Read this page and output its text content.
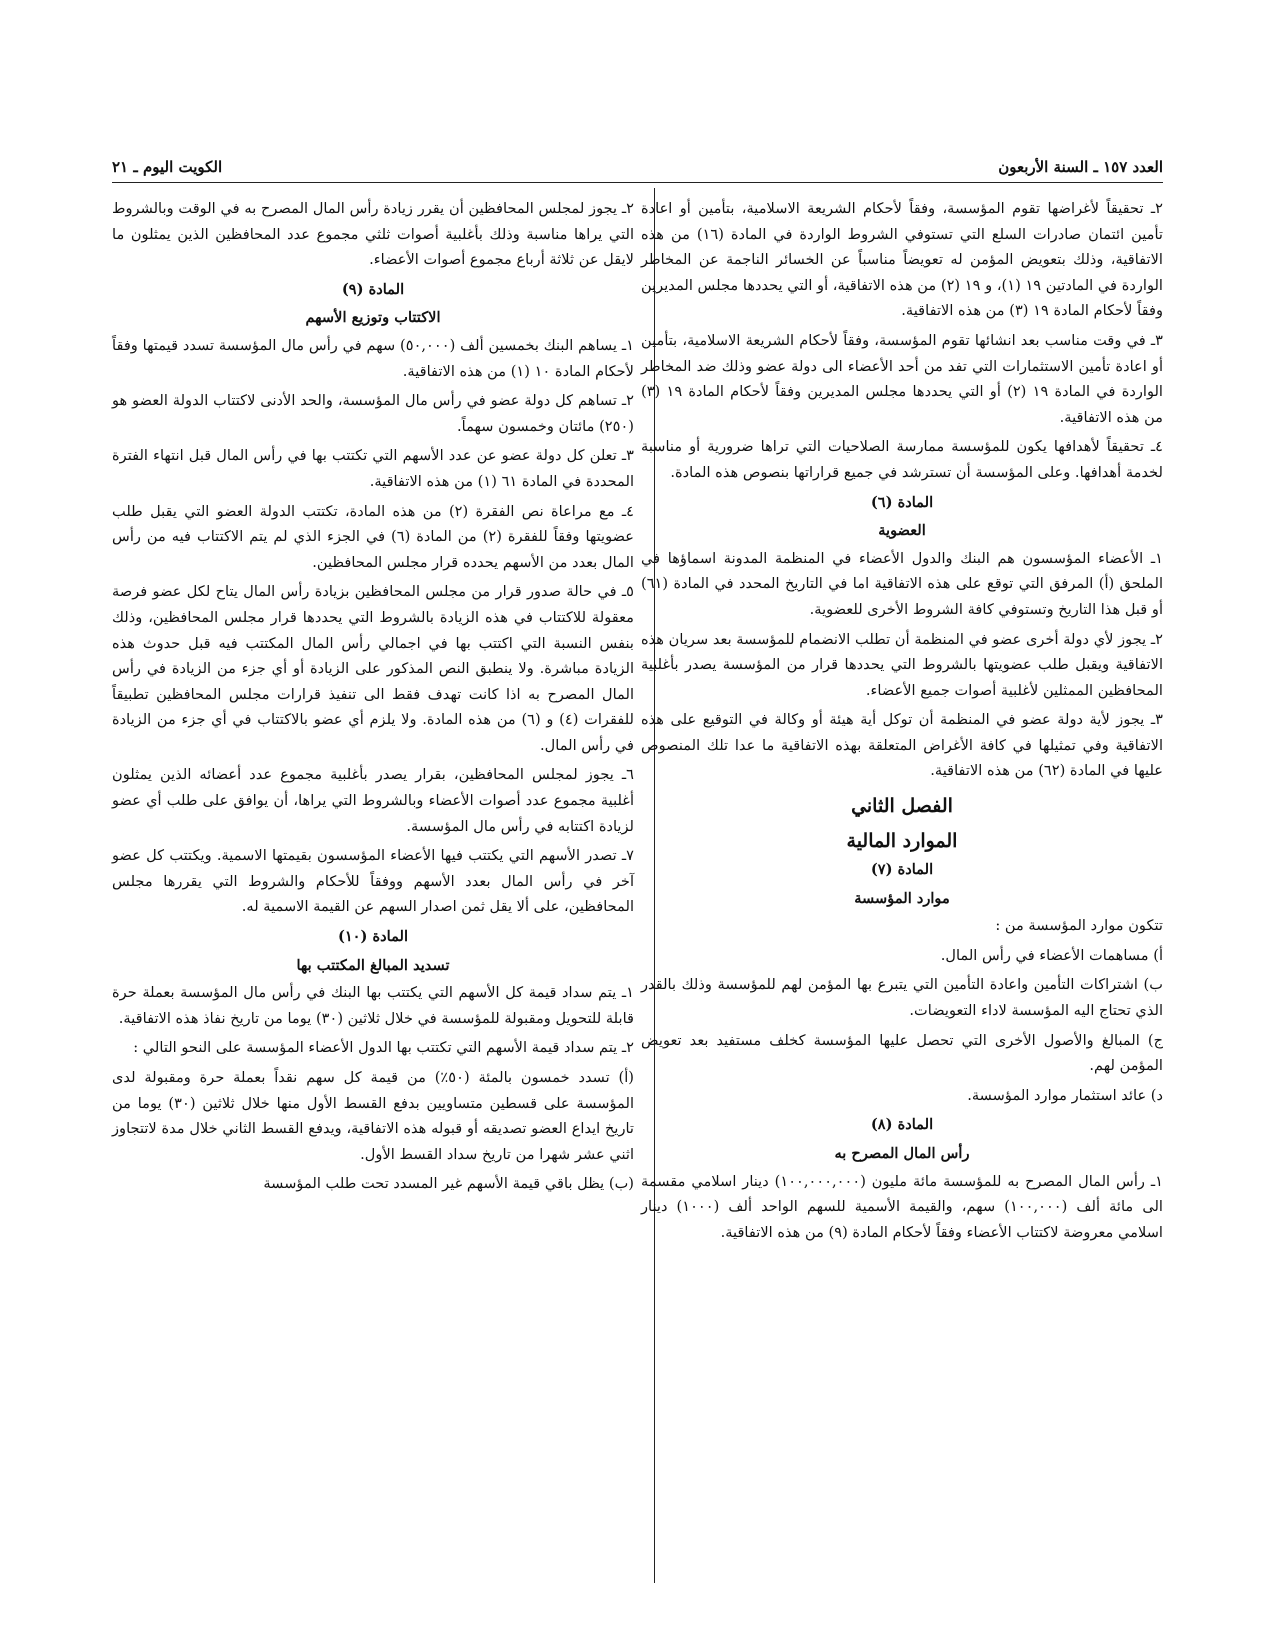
العدد ١٥٧ ـ السنة الأربعون
الكويت اليوم ـ ٢١

٢ـ تحقيقاً لأغراضها تقوم المؤسسة، وفقاً لأحكام الشريعة الاسلامية، بتأمين أو اعادة تأمين ائتمان صادرات السلع التي تستوفي الشروط الواردة في المادة (١٦) من هذه الاتفاقية، وذلك بتعويض المؤمن له تعويضاً مناسباً عن الخسائر الناجمة عن المخاطر الواردة في المادتين ١٩ (١)، و ١٩ (٢) من هذه الاتفاقية، أو التي يحددها مجلس المديرين وفقاً لأحكام المادة ١٩ (٣) من هذه الاتفاقية.

٣ـ في وقت مناسب بعد انشائها تقوم المؤسسة، وفقاً لأحكام الشريعة الاسلامية، بتأمين أو اعادة تأمين الاستثمارات التي تفد من أحد الأعضاء الى دولة عضو وذلك ضد المخاطر الواردة في المادة ١٩ (٢) أو التي يحددها مجلس المديرين وفقاً لأحكام المادة ١٩ (٣) من هذه الاتفاقية.

٤ـ تحقيقاً لأهدافها يكون للمؤسسة ممارسة الصلاحيات التي تراها ضرورية أو مناسبة لخدمة أهدافها. وعلى المؤسسة أن تسترشد في جميع قراراتها بنصوص هذه المادة.

المادة (٦)
العضوية

١ـ الأعضاء المؤسسون هم البنك والدول الأعضاء في المنظمة المدونة اسماؤها في الملحق (أ) المرفق التي توقع على هذه الاتفاقية اما في التاريخ المحدد في المادة (٦١) أو قبل هذا التاريخ وتستوفي كافة الشروط الأخرى للعضوية.

٢ـ يجوز لأي دولة أخرى عضو في المنظمة أن تطلب الانضمام للمؤسسة بعد سريان هذه الاتفاقية ويقبل طلب عضويتها بالشروط التي يحددها قرار من المؤسسة يصدر بأغلبية المحافظين الممثلين لأغلبية أصوات جميع الأعضاء.

٣ـ يجوز لأية دولة عضو في المنظمة أن توكل أية هيئة أو وكالة في التوقيع على هذه الاتفاقية وفي تمثيلها في كافة الأغراض المتعلقة بهذه الاتفاقية ما عدا تلك المنصوص عليها في المادة (٦٢) من هذه الاتفاقية.

الفصل الثاني
الموارد المالية
المادة (٧)
موارد المؤسسة

تتكون موارد المؤسسة من :

أ) مساهمات الأعضاء في رأس المال.

ب) اشتراكات التأمين واعادة التأمين التي يتبرع بها المؤمن لهم للمؤسسة وذلك بالقدر الذي تحتاج اليه المؤسسة لاداء التعويضات.

ج) المبالغ والأصول الأخرى التي تحصل عليها المؤسسة كخلف مستفيد بعد تعويض المؤمن لهم.

د) عائد استثمار موارد المؤسسة.

المادة (٨)
رأس المال المصرح به

١ـ رأس المال المصرح به للمؤسسة مائة مليون (١٠٠,٠٠٠,٠٠٠) دينار اسلامي مقسمة الى مائة ألف (١٠٠,٠٠٠) سهم، والقيمة الأسمية للسهم الواحد ألف (١٠٠٠) دينار اسلامي معروضة لاكتتاب الأعضاء وفقاً لأحكام المادة (٩) من هذه الاتفاقية.

٢ـ يجوز لمجلس المحافظين أن يقرر زيادة رأس المال المصرح به في الوقت وبالشروط التي يراها مناسبة وذلك بأغلبية أصوات ثلثي مجموع عدد المحافظين الذين يمثلون ما لايقل عن ثلاثة أرباع مجموع أصوات الأعضاء.

المادة (٩)
الاكتتاب وتوزيع الأسهم

١ـ يساهم البنك بخمسين ألف (٥٠,٠٠٠) سهم في رأس مال المؤسسة تسدد قيمتها وفقاً لأحكام المادة ١٠ (١) من هذه الاتفاقية.

٢ـ تساهم كل دولة عضو في رأس مال المؤسسة، والحد الأدنى لاكتتاب الدولة العضو هو (٢٥٠) مائتان وخمسون سهماً.

٣ـ تعلن كل دولة عضو عن عدد الأسهم التي تكتتب بها في رأس المال قبل انتهاء الفترة المحددة في المادة ٦١ (١) من هذه الاتفاقية.

٤ـ مع مراعاة نص الفقرة (٢) من هذه المادة، تكتتب الدولة العضو التي يقبل طلب عضويتها وفقاً للفقرة (٢) من المادة (٦) في الجزء الذي لم يتم الاكتتاب فيه من رأس المال بعدد من الأسهم يحدده قرار مجلس المحافظين.

٥ـ في حالة صدور قرار من مجلس المحافظين بزيادة رأس المال يتاح لكل عضو فرصة معقولة للاكتتاب في هذه الزيادة بالشروط التي يحددها قرار مجلس المحافظين، وذلك بنفس النسبة التي اكتتب بها في اجمالي رأس المال المكتتب فيه قبل حدوث هذه الزيادة مباشرة. ولا ينطبق النص المذكور على الزيادة أو أي جزء من الزيادة في رأس المال المصرح به اذا كانت تهدف فقط الى تنفيذ قرارات مجلس المحافظين تطبيقاً للفقرات (٤) و (٦) من هذه المادة. ولا يلزم أي عضو بالاكتتاب في أي جزء من الزيادة في رأس المال.

٦ـ يجوز لمجلس المحافظين، بقرار يصدر بأغلبية مجموع عدد أعضائه الذين يمثلون أغلبية مجموع عدد أصوات الأعضاء وبالشروط التي يراها، أن يوافق على طلب أي عضو لزيادة اكتتابه في رأس مال المؤسسة.

٧ـ تصدر الأسهم التي يكتتب فيها الأعضاء المؤسسون بقيمتها الاسمية. ويكتتب كل عضو آخر في رأس المال بعدد الأسهم ووفقاً للأحكام والشروط التي يقررها مجلس المحافظين، على ألا يقل ثمن اصدار السهم عن القيمة الاسمية له.

المادة (١٠)
تسديد المبالغ المكتتب بها

١ـ يتم سداد قيمة كل الأسهم التي يكتتب بها البنك في رأس مال المؤسسة بعملة حرة قابلة للتحويل ومقبولة للمؤسسة في خلال ثلاثين (٣٠) يوما من تاريخ نفاذ هذه الاتفاقية.

٢ـ يتم سداد قيمة الأسهم التي تكتتب بها الدول الأعضاء المؤسسة على النحو التالي :

(أ) تسدد خمسون بالمئة (٥٠٪) من قيمة كل سهم نقداً بعملة حرة ومقبولة لدى المؤسسة على قسطين متساويين بدفع القسط الأول منها خلال ثلاثين (٣٠) يوما من تاريخ ايداع العضو تصديقه أو قبوله هذه الاتفاقية، ويدفع القسط الثاني خلال مدة لاتتجاوز اثني عشر شهرا من تاريخ سداد القسط الأول.

(ب) يظل باقي قيمة الأسهم غير المسدد تحت طلب المؤسسة
